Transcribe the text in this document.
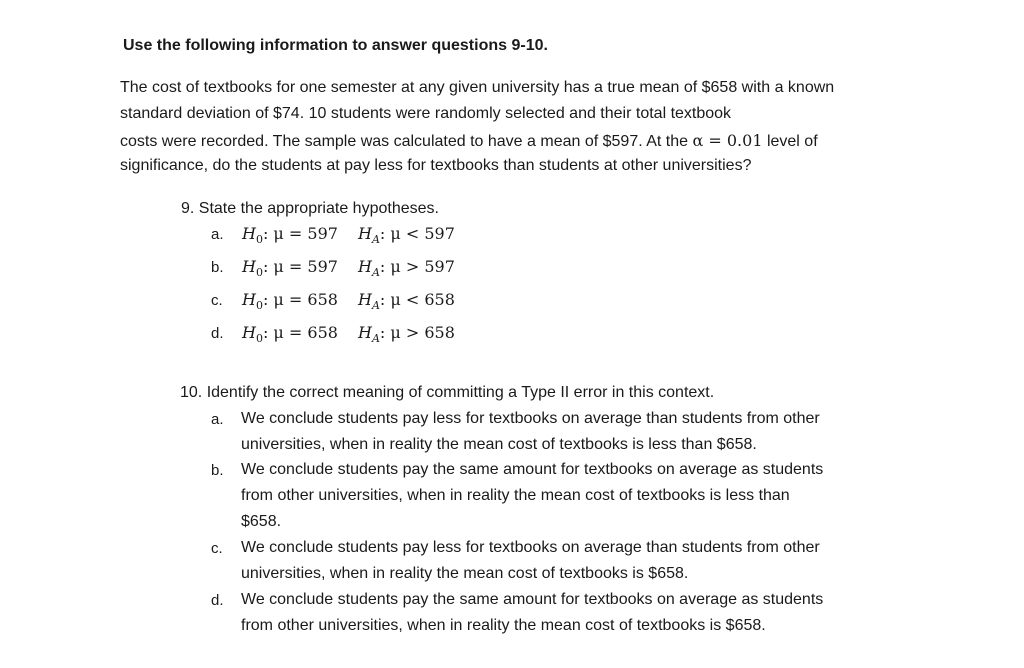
Use the following information to answer questions 9-10.
The cost of textbooks for one semester at any given university has a true mean of $658 with a known
standard deviation of $74. 10 students were randomly selected and their total textbook
costs were recorded. The sample was calculated to have a mean of $597. At the α = 0.01 level of
significance, do the students at pay less for textbooks than students at other universities?
9. State the appropriate hypotheses.
a. $H_0$: μ = 597 $H_A$: μ < 597
b. $H_0$: μ = 597 $H_A$: μ > 597
c. $H_0$: μ = 658 $H_A$: μ < 658
d. $H_0$: μ = 658 $H_A$: μ > 658
10. Identify the correct meaning of committing a Type II error in this context.
a. We conclude students pay less for textbooks on average than students from other
universities, when in reality the mean cost of textbooks is less than $658.
b. We conclude students pay the same amount for textbooks on average as students
from other universities, when in reality the mean cost of textbooks is less than
$658.
c. We conclude students pay less for textbooks on average than students from other
universities, when in reality the mean cost of textbooks is $658.
d. We conclude students pay the same amount for textbooks on average as students
from other universities, when in reality the mean cost of textbooks is $658.
